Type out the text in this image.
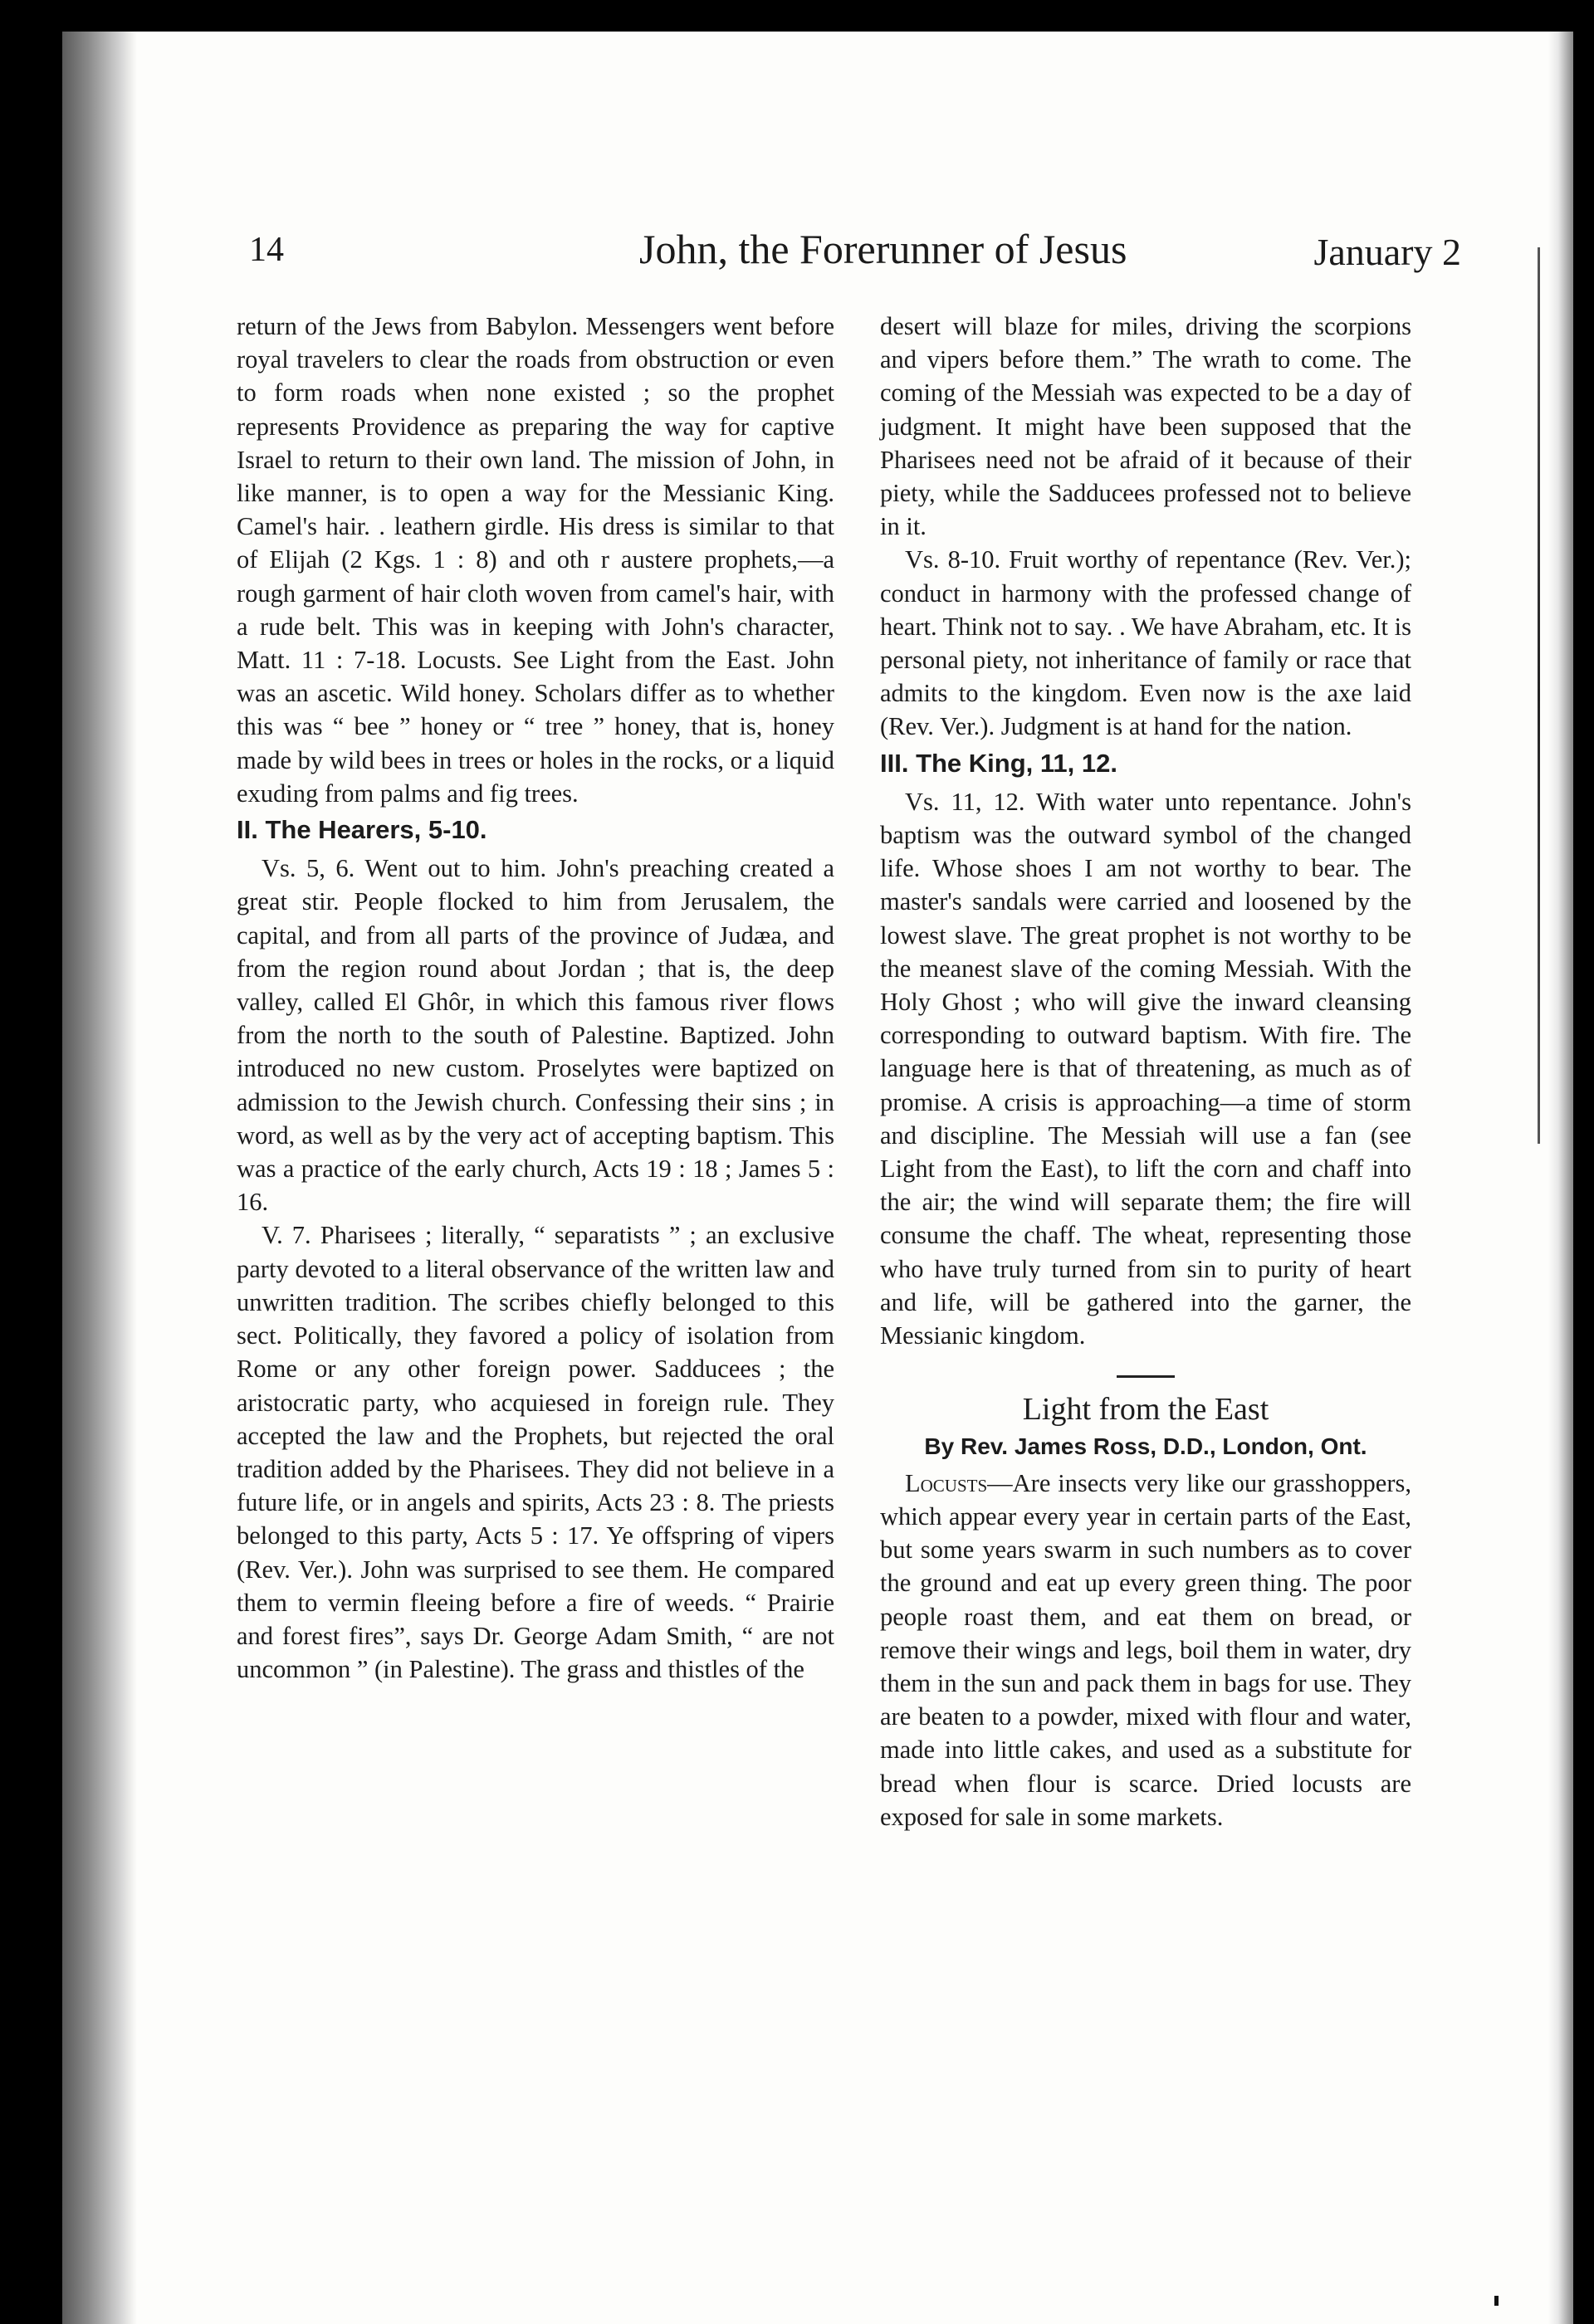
14	John, the Forerunner of Jesus	January 2

return of the Jews from Babylon. Messengers went before royal travelers to clear the roads from obstruction or even to form roads when none existed ; so the prophet represents Providence as preparing the way for captive Israel to return to their own land. The mission of John, in like manner, is to open a way for the Messianic King. Camel's hair. . leathern girdle. His dress is similar to that of Elijah (2 Kgs. 1 : 8) and oth r austere prophets,—a rough garment of hair cloth woven from camel's hair, with a rude belt. This was in keeping with John's character, Matt. 11 : 7-18. Locusts. See Light from the East. John was an ascetic. Wild honey. Scholars differ as to whether this was “ bee ” honey or “ tree ” honey, that is, honey made by wild bees in trees or holes in the rocks, or a liquid exuding from palms and fig trees.

II. The Hearers, 5-10.

Vs. 5, 6. Went out to him. John's preaching created a great stir. People flocked to him from Jerusalem, the capital, and from all parts of the province of Judæa, and from the region round about Jordan ; that is, the deep valley, called El Ghôr, in which this famous river flows from the north to the south of Palestine. Baptized. John introduced no new custom. Proselytes were baptized on admission to the Jewish church. Confessing their sins ; in word, as well as by the very act of accepting baptism. This was a practice of the early church, Acts 19 : 18 ; James 5 : 16.

V. 7. Pharisees ; literally, “ separatists ” ; an exclusive party devoted to a literal observance of the written law and unwritten tradition. The scribes chiefly belonged to this sect. Politically, they favored a policy of isolation from Rome or any other foreign power. Sadducees ; the aristocratic party, who acquiesed in foreign rule. They accepted the law and the Prophets, but rejected the oral tradition added by the Pharisees. They did not believe in a future life, or in angels and spirits, Acts 23 : 8. The priests belonged to this party, Acts 5 : 17. Ye offspring of vipers (Rev. Ver.). John was surprised to see them. He compared them to vermin fleeing before a fire of weeds. “ Prairie and forest fires”, says Dr. George Adam Smith, “ are not uncommon ” (in Palestine). The grass and thistles of the

desert will blaze for miles, driving the scorpions and vipers before them.” The wrath to come. The coming of the Messiah was expected to be a day of judgment. It might have been supposed that the Pharisees need not be afraid of it because of their piety, while the Sadducees professed not to believe in it.

Vs. 8-10. Fruit worthy of repentance (Rev. Ver.); conduct in harmony with the professed change of heart. Think not to say. . We have Abraham, etc. It is personal piety, not inheritance of family or race that admits to the kingdom. Even now is the axe laid (Rev. Ver.). Judgment is at hand for the nation.

III. The King, 11, 12.

Vs. 11, 12. With water unto repentance. John's baptism was the outward symbol of the changed life. Whose shoes I am not worthy to bear. The master's sandals were carried and loosened by the lowest slave. The great prophet is not worthy to be the meanest slave of the coming Messiah. With the Holy Ghost ; who will give the inward cleansing corresponding to outward baptism. With fire. The language here is that of threatening, as much as of promise. A crisis is approaching—a time of storm and discipline. The Messiah will use a fan (see Light from the East), to lift the corn and chaff into the air; the wind will separate them; the fire will consume the chaff. The wheat, representing those who have truly turned from sin to purity of heart and life, will be gathered into the garner, the Messianic kingdom.

Light from the East
By Rev. James Ross, D.D., London, Ont.

Locusts—Are insects very like our grasshoppers, which appear every year in certain parts of the East, but some years swarm in such numbers as to cover the ground and eat up every green thing. The poor people roast them, and eat them on bread, or remove their wings and legs, boil them in water, dry them in the sun and pack them in bags for use. They are beaten to a powder, mixed with flour and water, made into little cakes, and used as a substitute for bread when flour is scarce. Dried locusts are exposed for sale in some markets.
